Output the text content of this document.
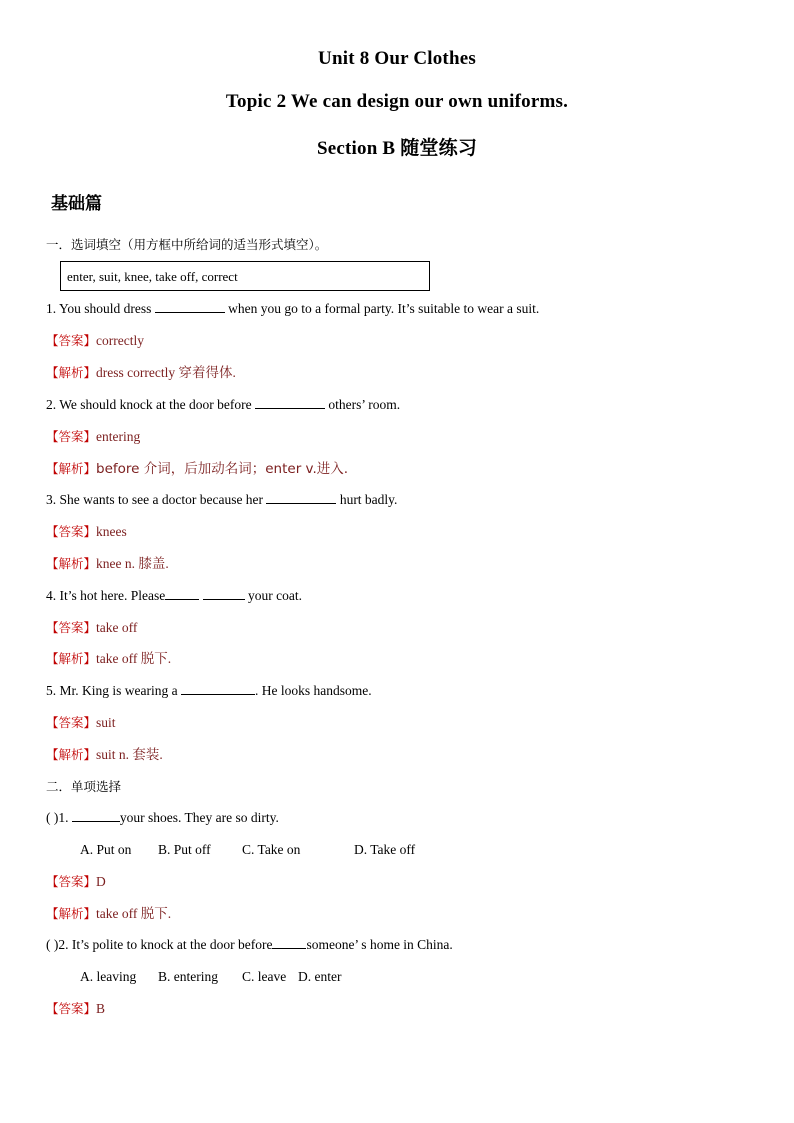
Unit 8 Our Clothes
Topic 2 We can design our own uniforms.
Section B 随堂练习
基础篇
一．选词填空（用方框中所给词的适当形式填空）。
enter, suit, knee, take off, correct
1. You should dress	when you go to a formal party. It’s suitable to wear a suit.
【答案】correctly
【解析】dress correctly 穿着得体.
2. We should knock at the door before	others’ room.
【答案】entering
【解析】before 介词，后加动名词；enter v.进入.
3. She wants to see a doctor because her	hurt badly.
【答案】knees
【解析】knee n. 膝盖.
4. It’s hot here. Please	your coat.
【答案】take off
【解析】take off 脱下.
5. Mr. King is wearing a	. He looks handsome.
【答案】suit
【解析】suit n. 套装.
二．单项选择
( )1.	your shoes. They are so dirty.
A. Put on B. Put off C. Take on	D. Take off
【答案】D
【解析】take off 脱下.
( )2. It’s polite to knock at the door before	someone’ s home in China.
A. leaving B. entering C. leave D. enter
【答案】B
